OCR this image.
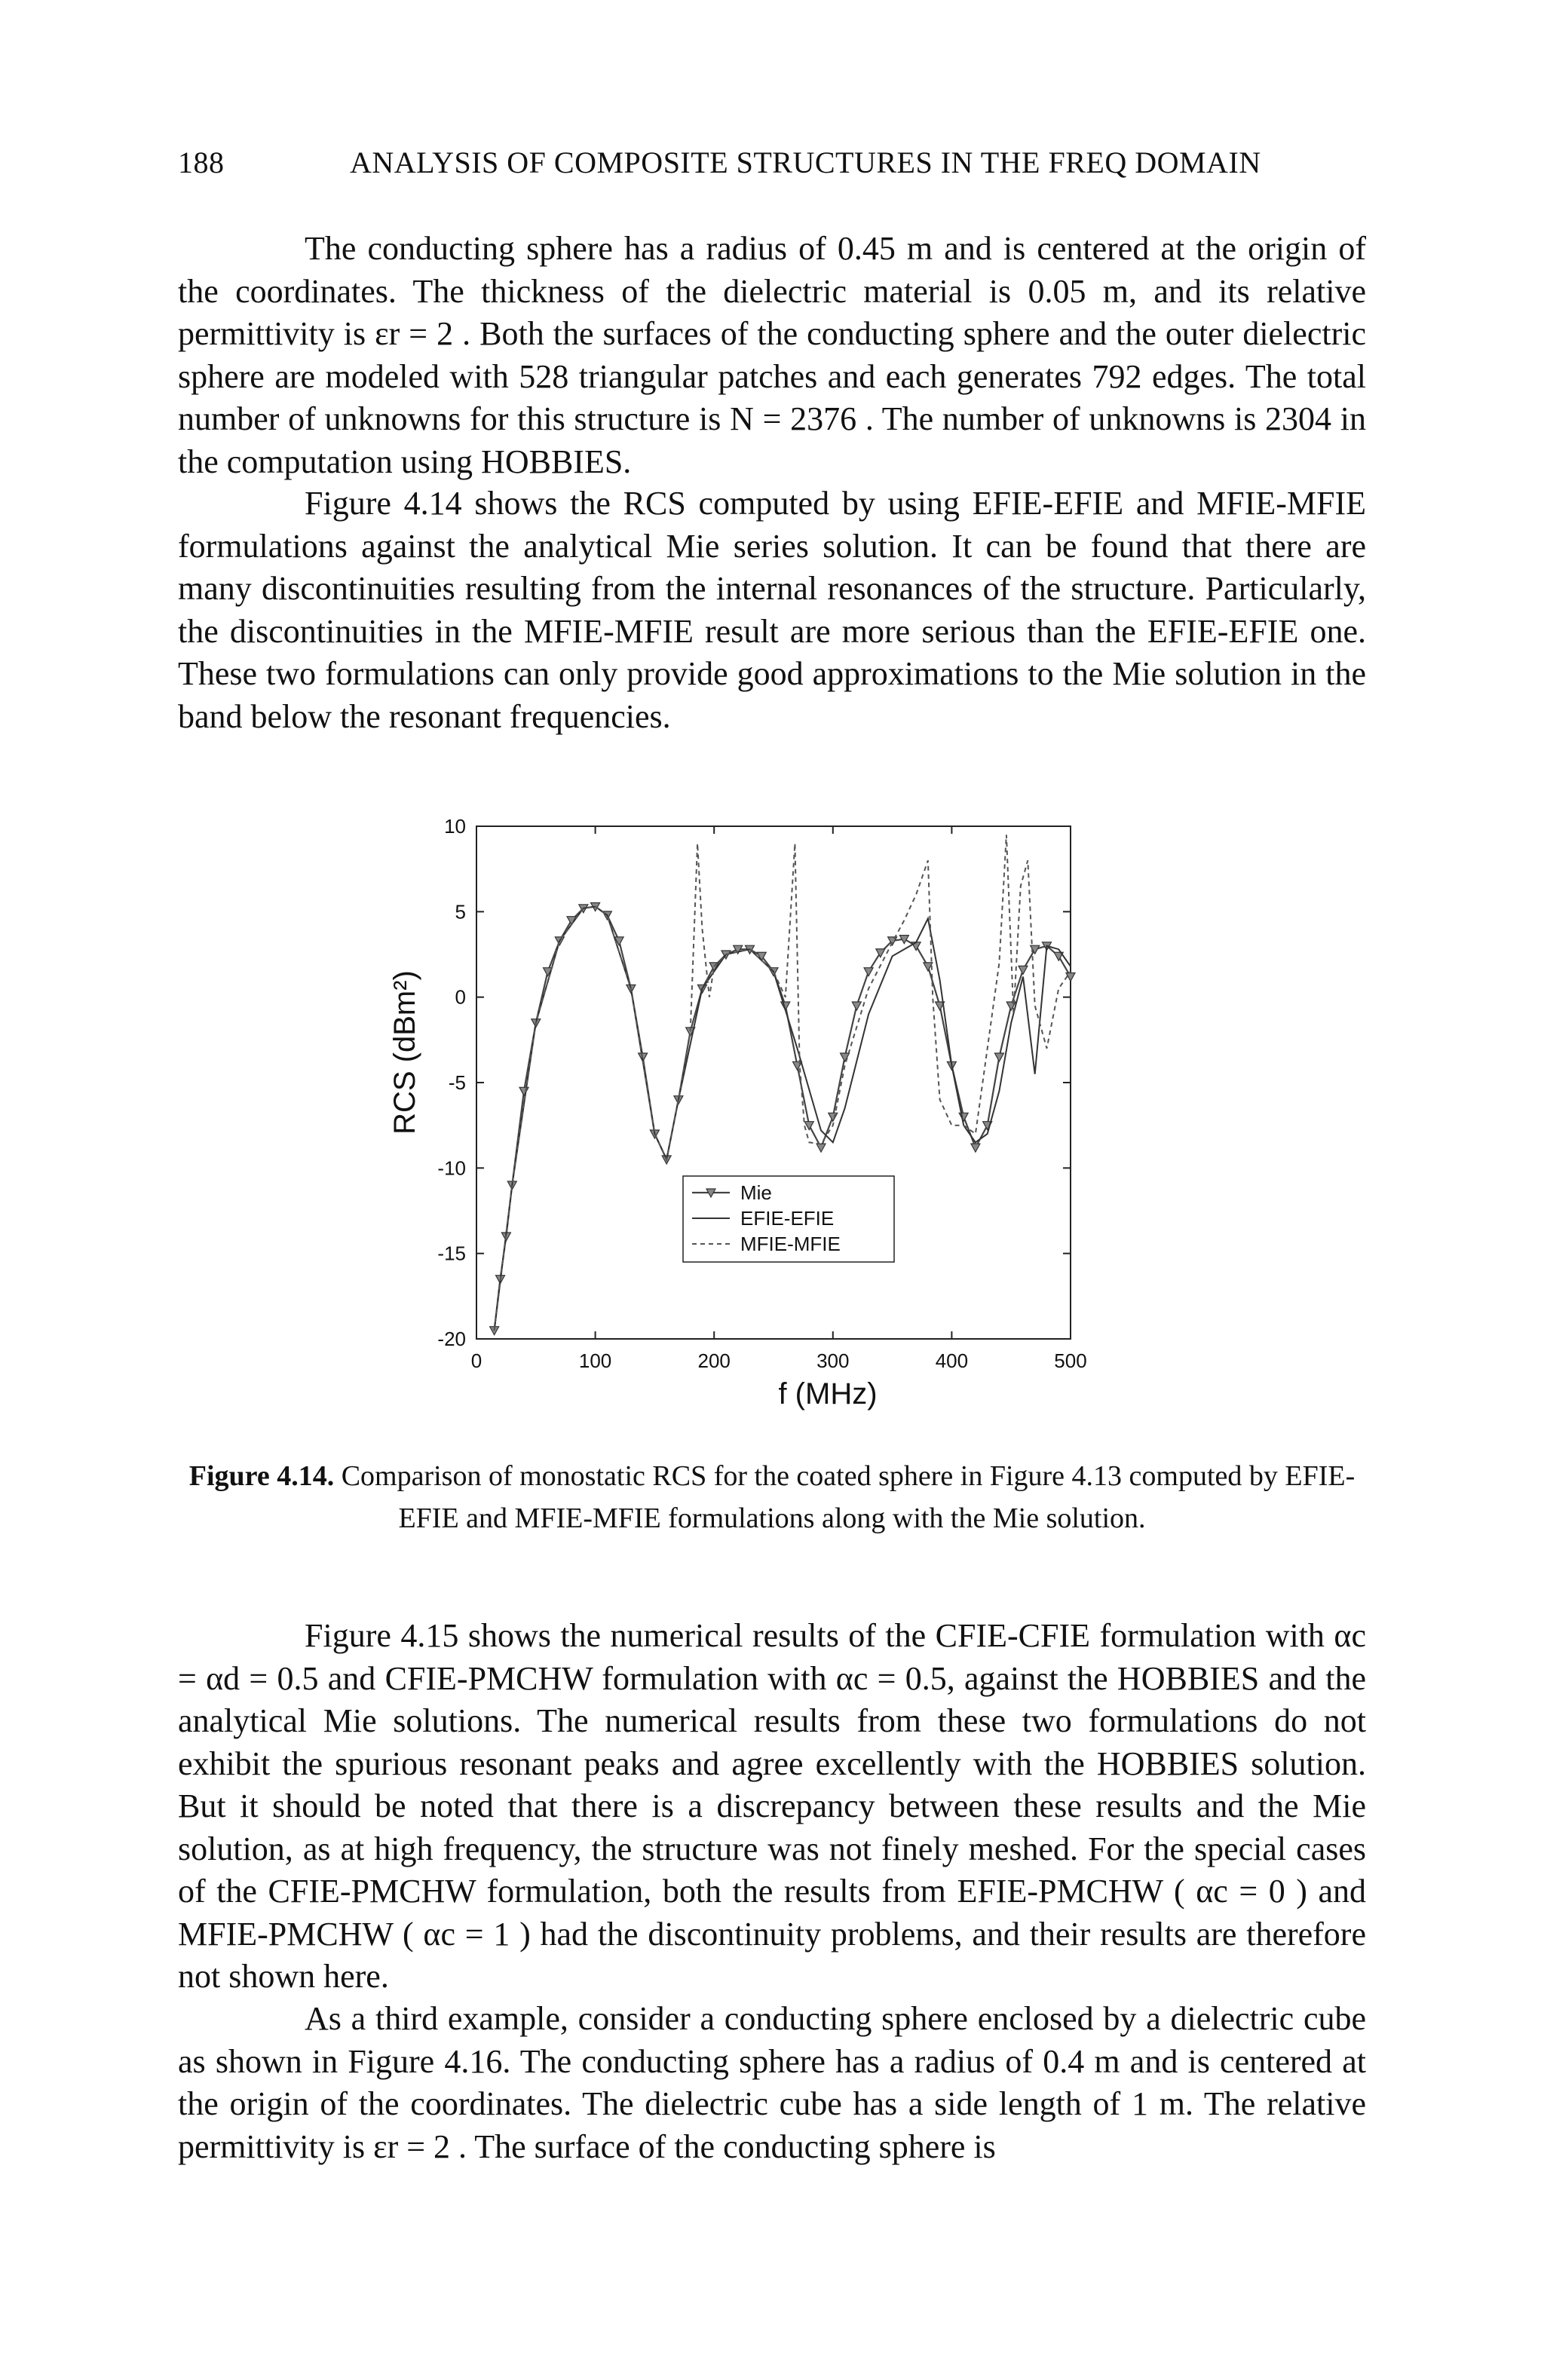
188	ANALYSIS OF COMPOSITE STRUCTURES IN THE FREQ DOMAIN

The conducting sphere has a radius of 0.45 m and is centered at the origin of the coordinates. The thickness of the dielectric material is 0.05 m, and its relative permittivity is εr = 2 . Both the surfaces of the conducting sphere and the outer dielectric sphere are modeled with 528 triangular patches and each generates 792 edges. The total number of unknowns for this structure is N = 2376 . The number of unknowns is 2304 in the computation using HOBBIES.

Figure 4.14 shows the RCS computed by using EFIE-EFIE and MFIE-MFIE formulations against the analytical Mie series solution. It can be found that there are many discontinuities resulting from the internal resonances of the structure. Particularly, the discontinuities in the MFIE-MFIE result are more serious than the EFIE-EFIE one. These two formulations can only provide good approximations to the Mie solution in the band below the resonant frequencies.

0	100	200	300	400	500
10
5
0
-5
-10
-15
-20
Mie
EFIE-EFIE
MFIE-MFIE
RCS (dBm²)
f (MHz)
Figure 4.14. Comparison of monostatic RCS for the coated sphere in Figure 4.13 computed by EFIE-EFIE and MFIE-MFIE formulations along with the Mie solution.

Figure 4.15 shows the numerical results of the CFIE-CFIE formulation with αc = αd = 0.5 and CFIE-PMCHW formulation with αc = 0.5, against the HOBBIES and the analytical Mie solutions. The numerical results from these two formulations do not exhibit the spurious resonant peaks and agree excellently with the HOBBIES solution. But it should be noted that there is a discrepancy between these results and the Mie solution, as at high frequency, the structure was not finely meshed. For the special cases of the CFIE-PMCHW formulation, both the results from EFIE-PMCHW ( αc = 0 ) and MFIE-PMCHW ( αc = 1 ) had the discontinuity problems, and their results are therefore not shown here.

As a third example, consider a conducting sphere enclosed by a dielectric cube as shown in Figure 4.16. The conducting sphere has a radius of 0.4 m and is centered at the origin of the coordinates. The dielectric cube has a side length of 1 m. The relative permittivity is εr = 2 . The surface of the conducting sphere is
